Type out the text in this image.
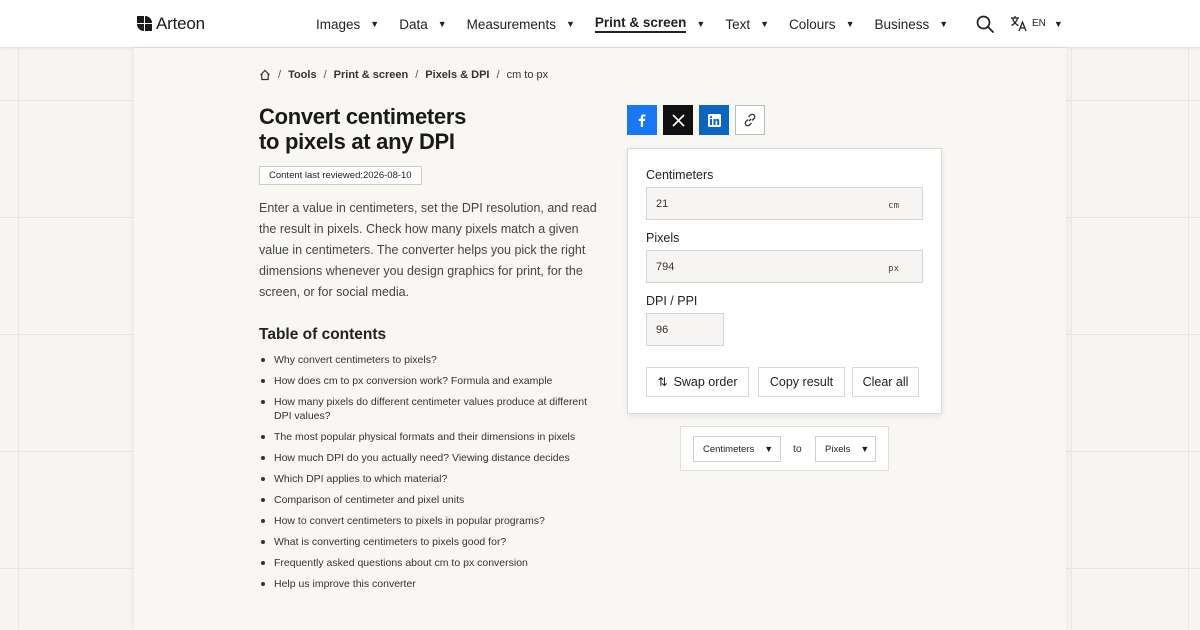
Arteon	Images ▼ Data ▼ Measurements ▼ Print & screen ▼ Text ▼ Colours ▼ Business ▼	EN ▼
/ Tools / Print & screen / Pixels & DPI / cm to px
Convert centimeters
to pixels at any DPI
Content last reviewed:2026-08-10

Enter a value in centimeters, set the DPI resolution, and read the result in pixels. Check how many pixels match a given value in centimeters. The converter helps you pick the right dimensions whenever you design graphics for print, for the screen, or for social media.

Table of contents
Why convert centimeters to pixels?
How does cm to px conversion work? Formula and example
How many pixels do different centimeter values produce at different DPI values?
The most popular physical formats and their dimensions in pixels
How much DPI do you actually need? Viewing distance decides
Which DPI applies to which material?
Comparison of centimeter and pixel units
How to convert centimeters to pixels in popular programs?
What is converting centimeters to pixels good for?
Frequently asked questions about cm to px conversion
Help us improve this converter
Centimeters
21	cm
Pixels
794	px
DPI / PPI
96
⇅ Swap order	Copy result Clear all
Centimeters ▼ to Pixels ▼
